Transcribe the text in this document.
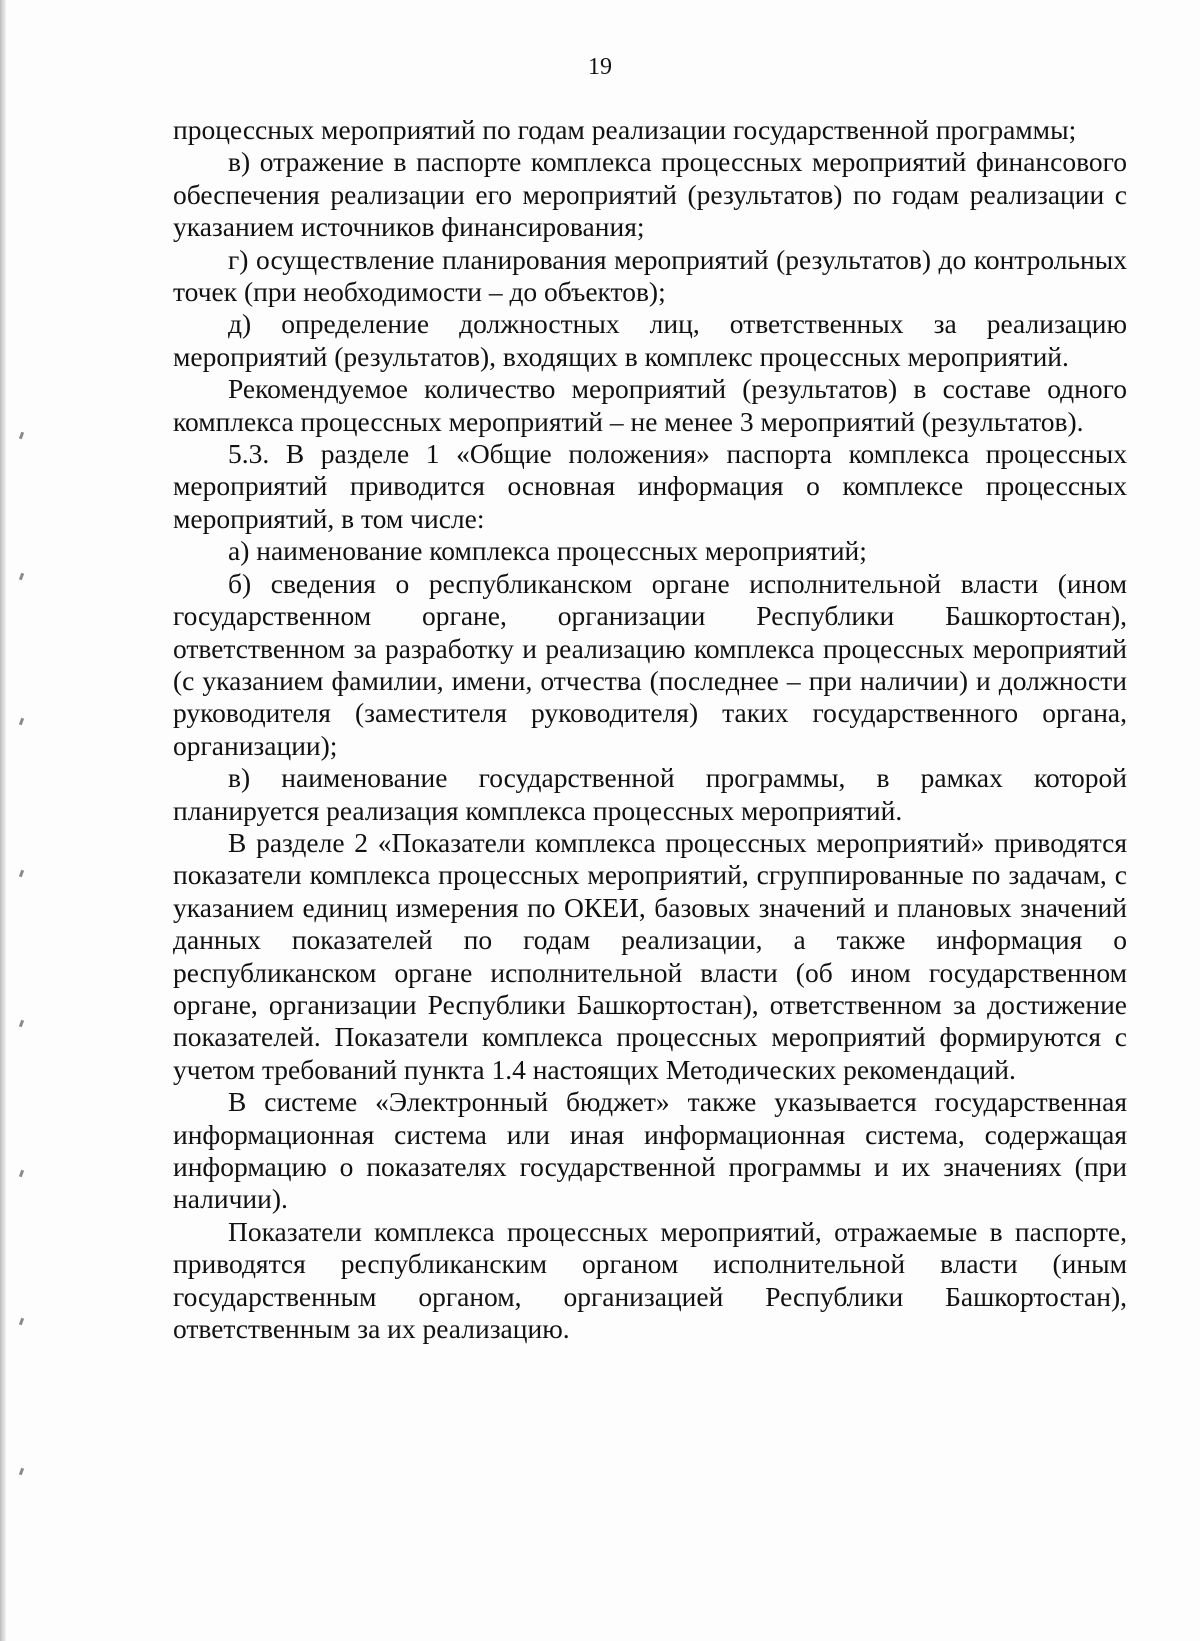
19

процессных мероприятий по годам реализации государственной программы;

в) отражение в паспорте комплекса процессных мероприятий финансового обеспечения реализации его мероприятий (результатов) по годам реализации с указанием источников финансирования;

г) осуществление планирования мероприятий (результатов) до контрольных точек (при необходимости – до объектов);

д) определение должностных лиц, ответственных за реализацию мероприятий (результатов), входящих в комплекс процессных мероприятий.

Рекомендуемое количество мероприятий (результатов) в составе одного комплекса процессных мероприятий – не менее 3 мероприятий (результатов).

5.3. В разделе 1 «Общие положения» паспорта комплекса процессных мероприятий приводится основная информация о комплексе процессных мероприятий, в том числе:

а) наименование комплекса процессных мероприятий;

б) сведения о республиканском органе исполнительной власти (ином государственном органе, организации Республики Башкортостан), ответственном за разработку и реализацию комплекса процессных мероприятий (с указанием фамилии, имени, отчества (последнее – при наличии) и должности руководителя (заместителя руководителя) таких государственного органа, организации);

в) наименование государственной программы, в рамках которой планируется реализация комплекса процессных мероприятий.

В разделе 2 «Показатели комплекса процессных мероприятий» приводятся показатели комплекса процессных мероприятий, сгруппированные по задачам, с указанием единиц измерения по ОКЕИ, базовых значений и плановых значений данных показателей по годам реализации, а также информация о республиканском органе исполнительной власти (об ином государственном органе, организации Республики Башкортостан), ответственном за достижение показателей. Показатели комплекса процессных мероприятий формируются с учетом требований пункта 1.4 настоящих Методических рекомендаций.

В системе «Электронный бюджет» также указывается государственная информационная система или иная информационная система, содержащая информацию о показателях государственной программы и их значениях (при наличии).

Показатели комплекса процессных мероприятий, отражаемые в паспорте, приводятся республиканским органом исполнительной власти (иным государственным органом, организацией Республики Башкортостан), ответственным за их реализацию.
